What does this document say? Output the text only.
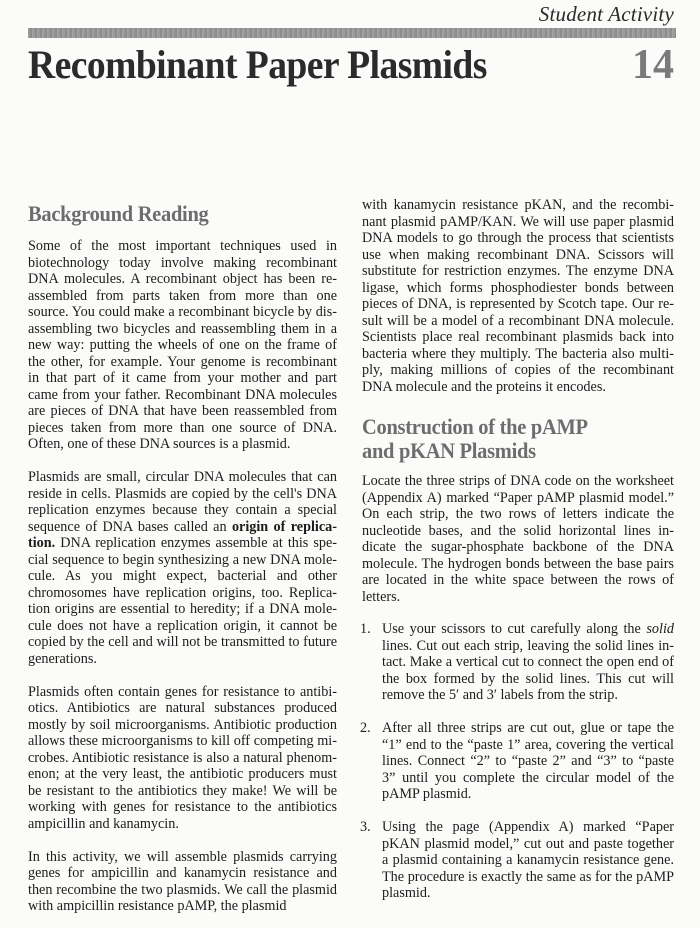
Student Activity
Recombinant Paper Plasmids	14
Background Reading

Some of the most important techniques used in biotechnology today involve making recombinant DNA molecules. A recombinant object has been reassembled from parts taken from more than one source. You could make a recombinant bicycle by disassembling two bicycles and reassembling them in a new way: putting the wheels of one on the frame of the other, for example. Your genome is recombinant in that part of it came from your mother and part came from your father. Recombinant DNA molecules are pieces of DNA that have been reassembled from pieces taken from more than one source of DNA. Often, one of these DNA sources is a plasmid.

Plasmids are small, circular DNA molecules that can reside in cells. Plasmids are copied by the cell's DNA replication enzymes because they contain a special sequence of DNA bases called an origin of replication. DNA replication enzymes assemble at this special sequence to begin synthesizing a new DNA molecule. As you might expect, bacterial and other chromosomes have replication origins, too. Replication origins are essential to heredity; if a DNA molecule does not have a replication origin, it cannot be copied by the cell and will not be transmitted to future generations.

Plasmids often contain genes for resistance to antibiotics. Antibiotics are natural substances produced mostly by soil microorganisms. Antibiotic production allows these microorganisms to kill off competing microbes. Antibiotic resistance is also a natural phenomenon; at the very least, the antibiotic producers must be resistant to the antibiotics they make! We will be working with genes for resistance to the antibiotics ampicillin and kanamycin.

In this activity, we will assemble plasmids carrying genes for ampicillin and kanamycin resistance and then recombine the two plasmids. We call the plasmid with ampicillin resistance pAMP, the plasmid

with kanamycin resistance pKAN, and the recombinant plasmid pAMP/KAN. We will use paper plasmid DNA models to go through the process that scientists use when making recombinant DNA. Scissors will substitute for restriction enzymes. The enzyme DNA ligase, which forms phosphodiester bonds between pieces of DNA, is represented by Scotch tape. Our result will be a model of a recombinant DNA molecule. Scientists place real recombinant plasmids back into bacteria where they multiply. The bacteria also multiply, making millions of copies of the recombinant DNA molecule and the proteins it encodes.

Construction of the pAMP
and pKAN Plasmids

Locate the three strips of DNA code on the worksheet (Appendix A) marked “Paper pAMP plasmid model.” On each strip, the two rows of letters indicate the nucleotide bases, and the solid horizontal lines indicate the sugar-phosphate backbone of the DNA molecule. The hydrogen bonds between the base pairs are located in the white space between the rows of letters.

1. Use your scissors to cut carefully along the solid lines. Cut out each strip, leaving the solid lines intact. Make a vertical cut to connect the open end of the box formed by the solid lines. This cut will remove the 5′ and 3′ labels from the strip.
2. After all three strips are cut out, glue or tape the “1” end to the “paste 1” area, covering the vertical lines. Connect “2” to “paste 2” and “3” to “paste 3” until you complete the circular model of the pAMP plasmid.
3. Using the page (Appendix A) marked “Paper pKAN plasmid model,” cut out and paste together a plasmid containing a kanamycin resistance gene. The procedure is exactly the same as for the pAMP plasmid.
